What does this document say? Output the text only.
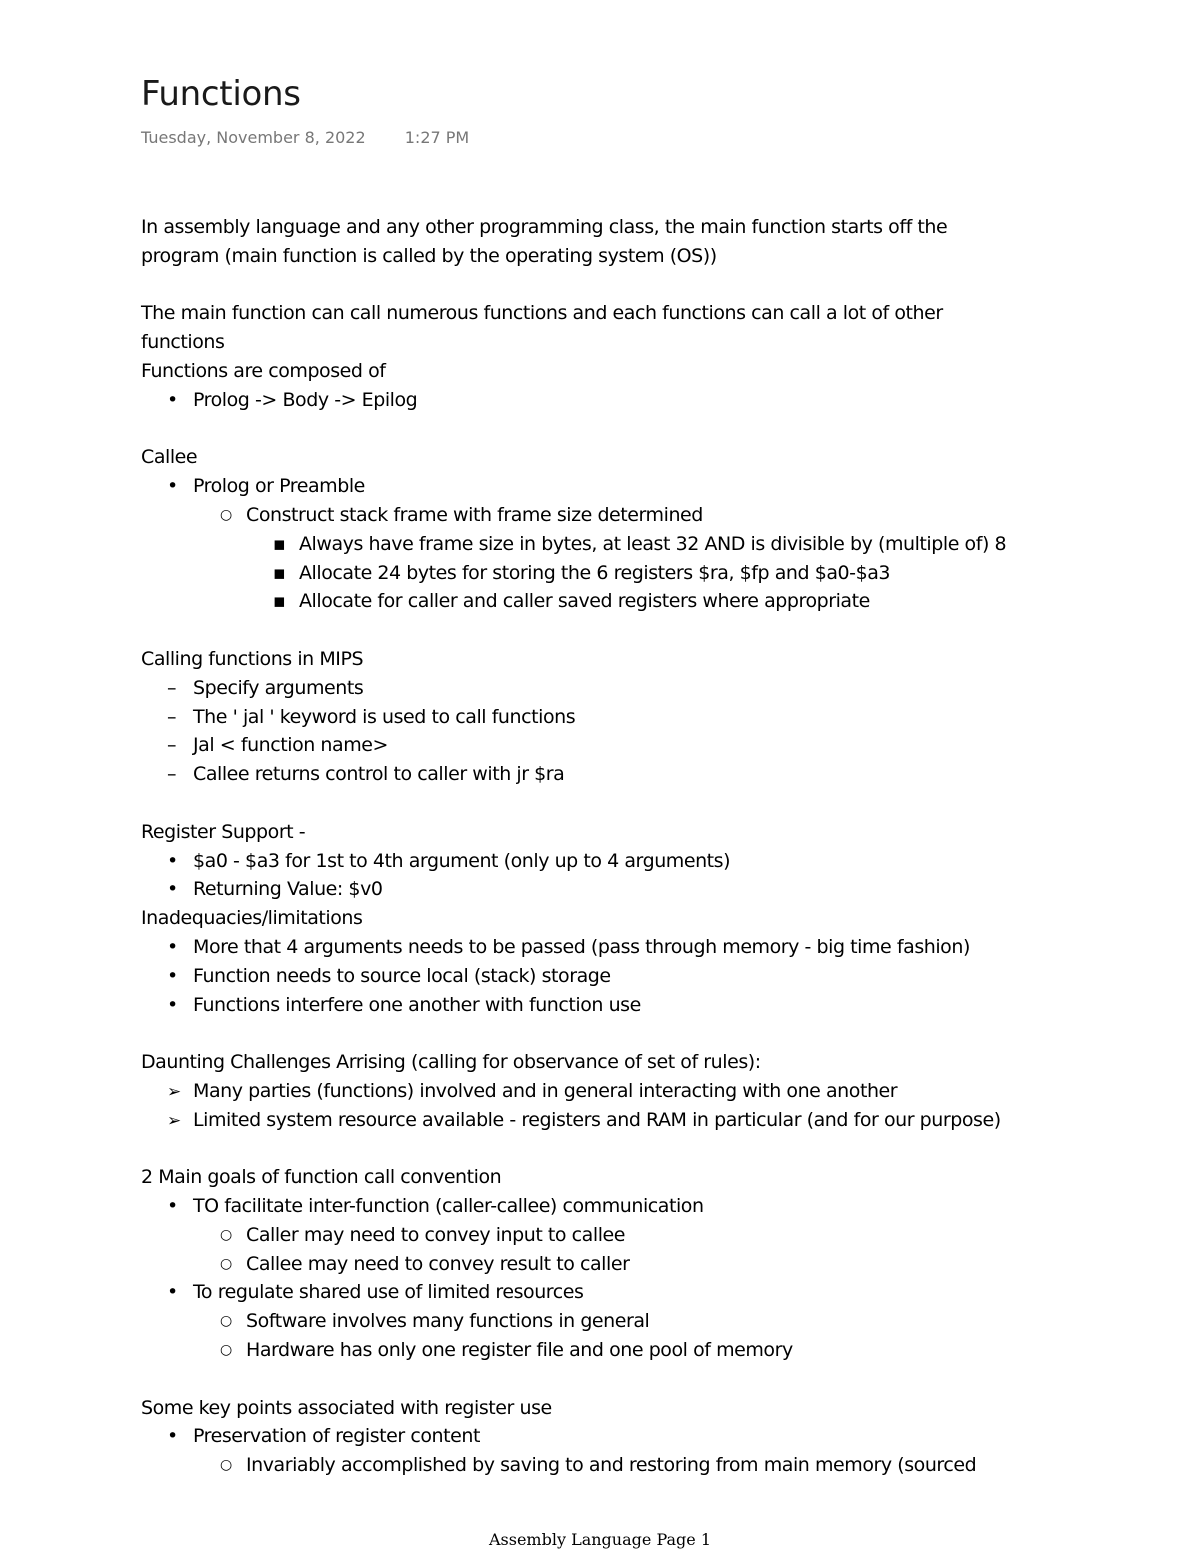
Functions
Tuesday, November 8, 2022 1:27 PM
In assembly language and any other programming class, the main function starts off the
program (main function is called by the operating system (OS))
The main function can call numerous functions and each functions can call a lot of other
functions
Functions are composed of
•
Prolog -> Body -> Epilog
Callee
•
Prolog or Preamble
○
Construct stack frame with frame size determined
▪
Always have frame size in bytes, at least 32 AND is divisible by (multiple of) 8
▪
Allocate 24 bytes for storing the 6 registers $ra, $fp and $a0-$a3
▪
Allocate for caller and caller saved registers where appropriate
Calling functions in MIPS
–
Specify arguments
–
The ' jal ' keyword is used to call functions
–
Jal < function name>
–
Callee returns control to caller with jr $ra
Register Support -
•
$a0 - $a3 for 1st to 4th argument (only up to 4 arguments)
•
Returning Value: $v0
Inadequacies/limitations
•
More that 4 arguments needs to be passed (pass through memory - big time fashion)
•
Function needs to source local (stack) storage
•
Functions interfere one another with function use
Daunting Challenges Arrising (calling for observance of set of rules):
➢
Many parties (functions) involved and in general interacting with one another
➢
Limited system resource available - registers and RAM in particular (and for our purpose)
2 Main goals of function call convention
•
TO facilitate inter-function (caller-callee) communication
○
Caller may need to convey input to callee
○
Callee may need to convey result to caller
•
To regulate shared use of limited resources
○
Software involves many functions in general
○
Hardware has only one register file and one pool of memory
Some key points associated with register use
•
Preservation of register content
○
Invariably accomplished by saving to and restoring from main memory (sourced
Assembly Language Page 1
